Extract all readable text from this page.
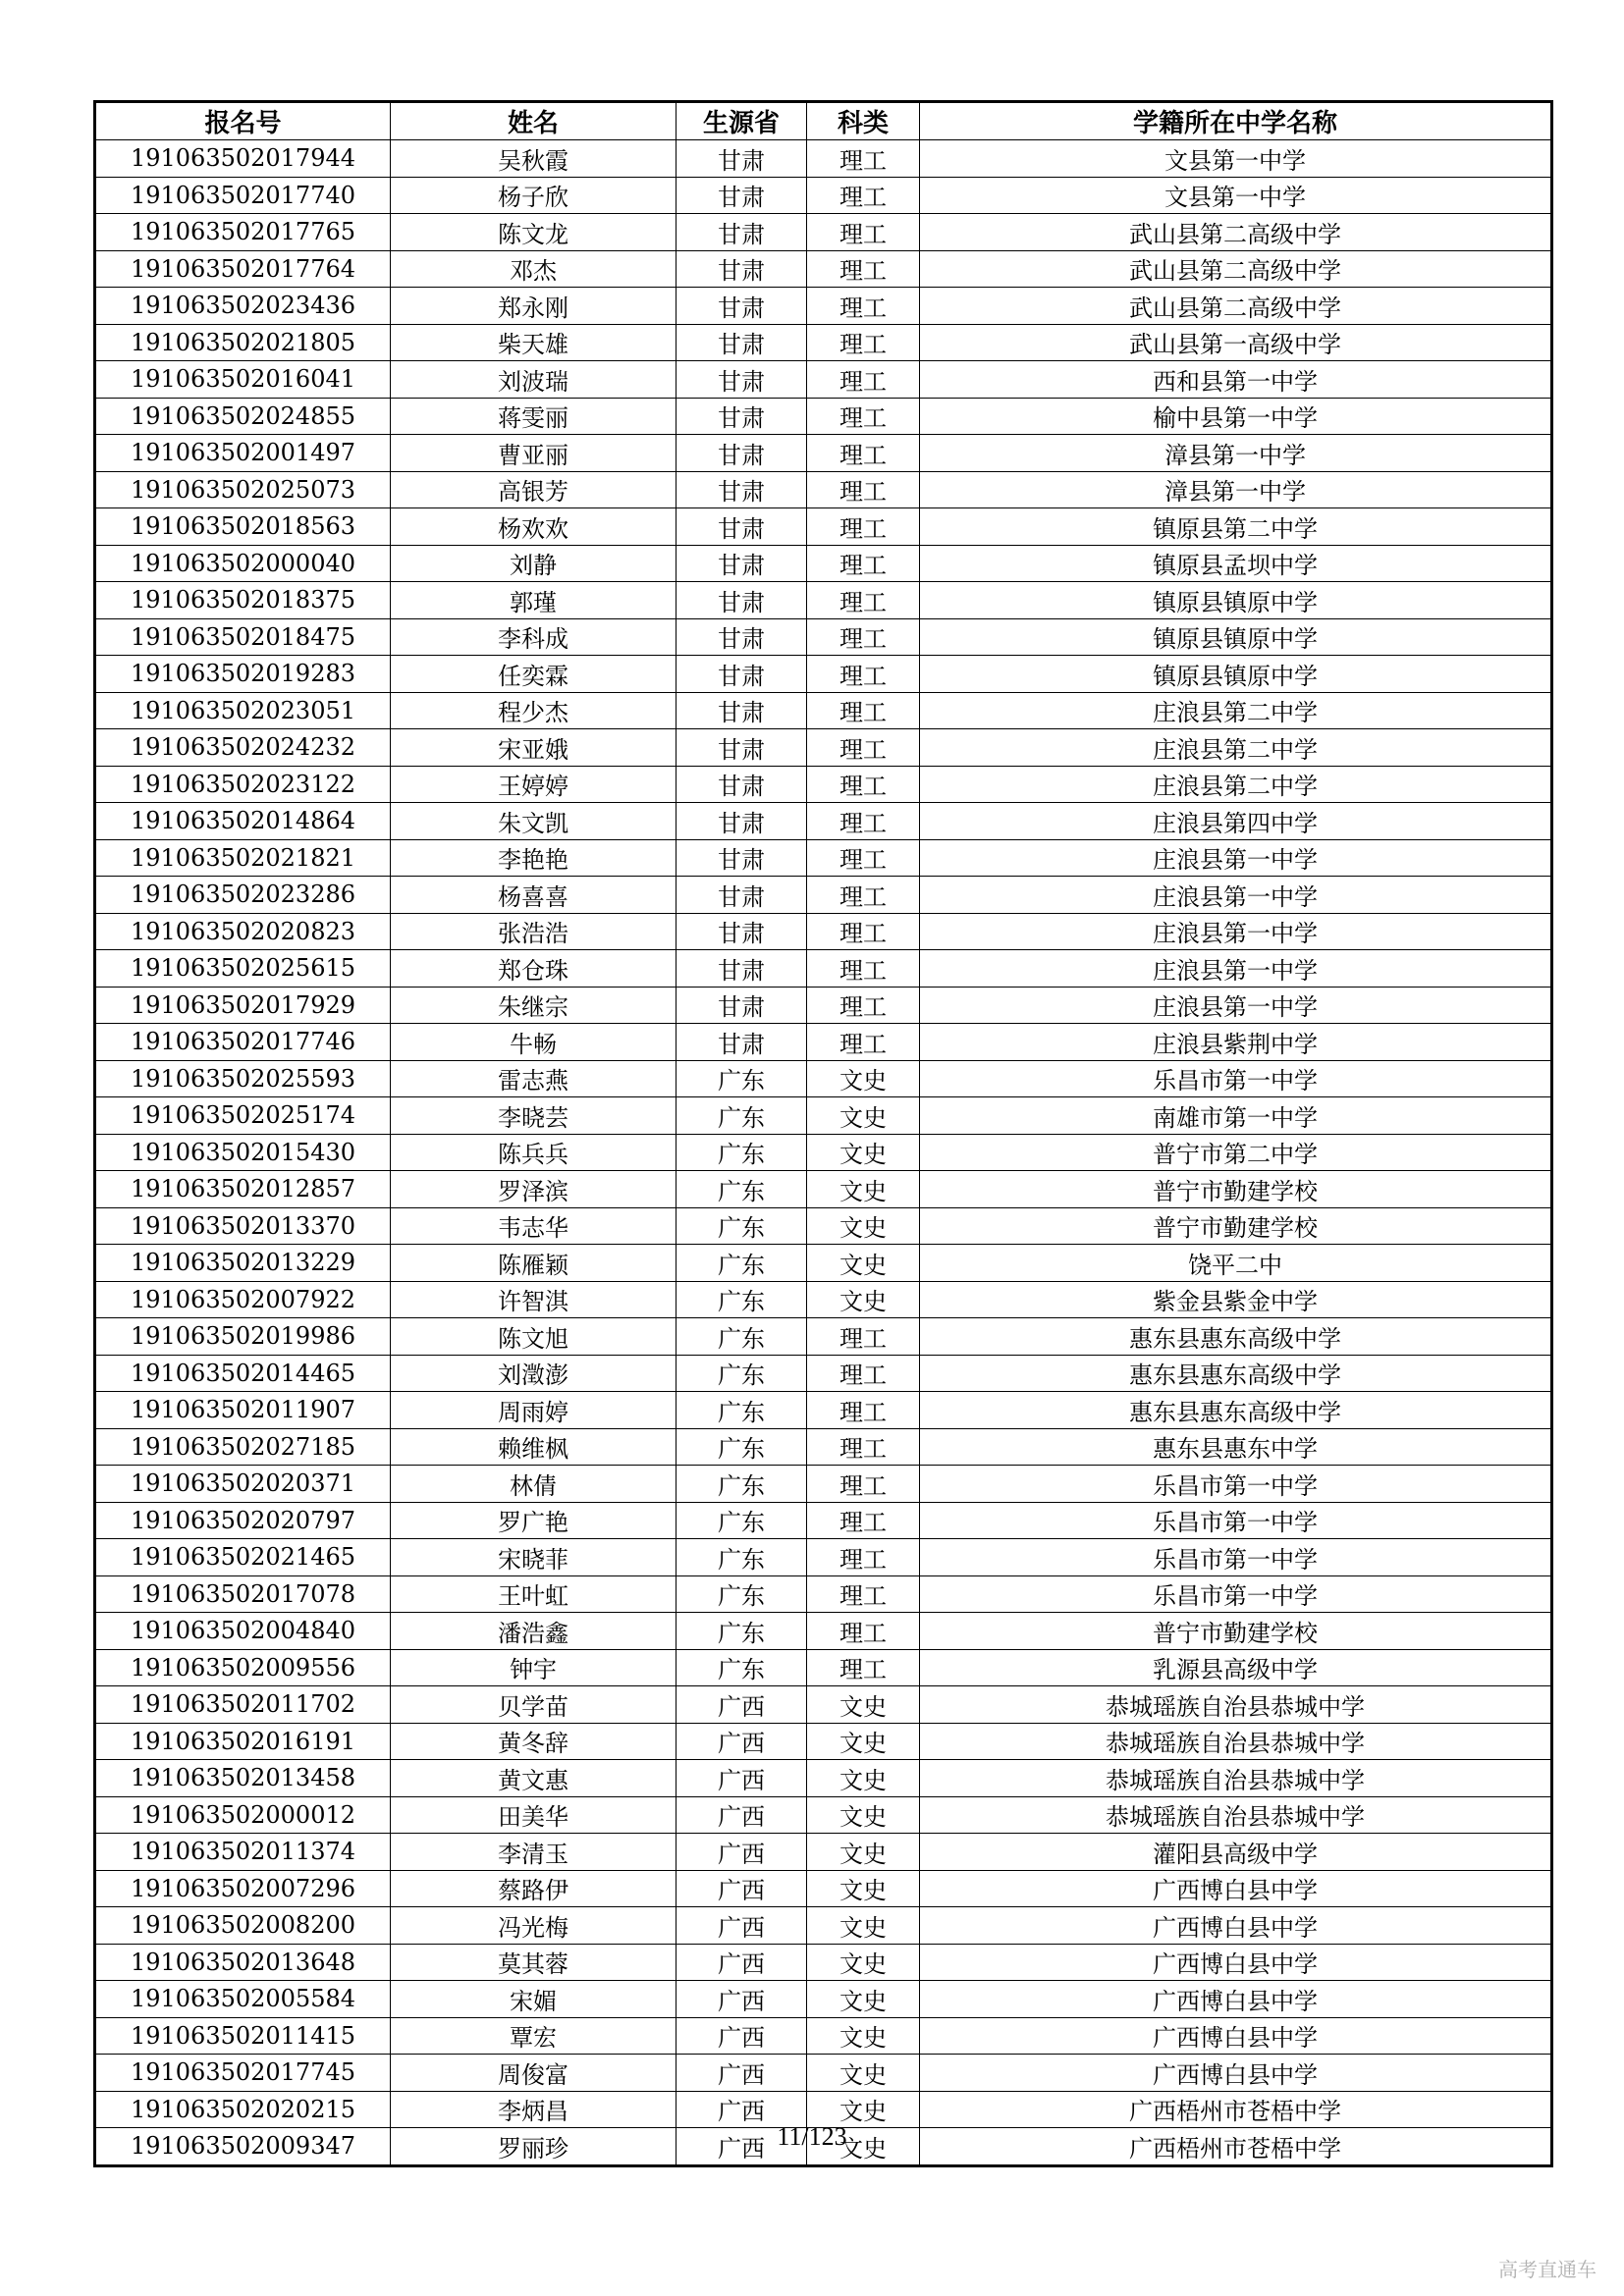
报名号	姓名	生源省	科类	学籍所在中学名称
191063502017944	吴秋霞	甘肃	理工	文县第一中学
191063502017740	杨子欣	甘肃	理工	文县第一中学
191063502017765	陈文龙	甘肃	理工	武山县第二高级中学
191063502017764	邓杰	甘肃	理工	武山县第二高级中学
191063502023436	郑永刚	甘肃	理工	武山县第二高级中学
191063502021805	柴天雄	甘肃	理工	武山县第一高级中学
191063502016041	刘波瑞	甘肃	理工	西和县第一中学
191063502024855	蒋雯丽	甘肃	理工	榆中县第一中学
191063502001497	曹亚丽	甘肃	理工	漳县第一中学
191063502025073	高银芳	甘肃	理工	漳县第一中学
191063502018563	杨欢欢	甘肃	理工	镇原县第二中学
191063502000040	刘静	甘肃	理工	镇原县孟坝中学
191063502018375	郭瑾	甘肃	理工	镇原县镇原中学
191063502018475	李科成	甘肃	理工	镇原县镇原中学
191063502019283	任奕霖	甘肃	理工	镇原县镇原中学
191063502023051	程少杰	甘肃	理工	庄浪县第二中学
191063502024232	宋亚娥	甘肃	理工	庄浪县第二中学
191063502023122	王婷婷	甘肃	理工	庄浪县第二中学
191063502014864	朱文凯	甘肃	理工	庄浪县第四中学
191063502021821	李艳艳	甘肃	理工	庄浪县第一中学
191063502023286	杨喜喜	甘肃	理工	庄浪县第一中学
191063502020823	张浩浩	甘肃	理工	庄浪县第一中学
191063502025615	郑仓珠	甘肃	理工	庄浪县第一中学
191063502017929	朱继宗	甘肃	理工	庄浪县第一中学
191063502017746	牛畅	甘肃	理工	庄浪县紫荆中学
191063502025593	雷志燕	广东	文史	乐昌市第一中学
191063502025174	李晓芸	广东	文史	南雄市第一中学
191063502015430	陈兵兵	广东	文史	普宁市第二中学
191063502012857	罗泽滨	广东	文史	普宁市勤建学校
191063502013370	韦志华	广东	文史	普宁市勤建学校
191063502013229	陈雁颖	广东	文史	饶平二中
191063502007922	许智淇	广东	文史	紫金县紫金中学
191063502019986	陈文旭	广东	理工	惠东县惠东高级中学
191063502014465	刘澂澎	广东	理工	惠东县惠东高级中学
191063502011907	周雨婷	广东	理工	惠东县惠东高级中学
191063502027185	赖维枫	广东	理工	惠东县惠东中学
191063502020371	林倩	广东	理工	乐昌市第一中学
191063502020797	罗广艳	广东	理工	乐昌市第一中学
191063502021465	宋晓菲	广东	理工	乐昌市第一中学
191063502017078	王叶虹	广东	理工	乐昌市第一中学
191063502004840	潘浩鑫	广东	理工	普宁市勤建学校
191063502009556	钟宇	广东	理工	乳源县高级中学
191063502011702	贝学苗	广西	文史	恭城瑶族自治县恭城中学
191063502016191	黄冬辞	广西	文史	恭城瑶族自治县恭城中学
191063502013458	黄文惠	广西	文史	恭城瑶族自治县恭城中学
191063502000012	田美华	广西	文史	恭城瑶族自治县恭城中学
191063502011374	李清玉	广西	文史	灌阳县高级中学
191063502007296	蔡路伊	广西	文史	广西博白县中学
191063502008200	冯光梅	广西	文史	广西博白县中学
191063502013648	莫其蓉	广西	文史	广西博白县中学
191063502005584	宋媚	广西	文史	广西博白县中学
191063502011415	覃宏	广西	文史	广西博白县中学
191063502017745	周俊富	广西	文史	广西博白县中学
191063502020215	李炳昌	广西	文史	广西梧州市苍梧中学
191063502009347	罗丽珍	广西	文史	广西梧州市苍梧中学
11/123
高考直通车
